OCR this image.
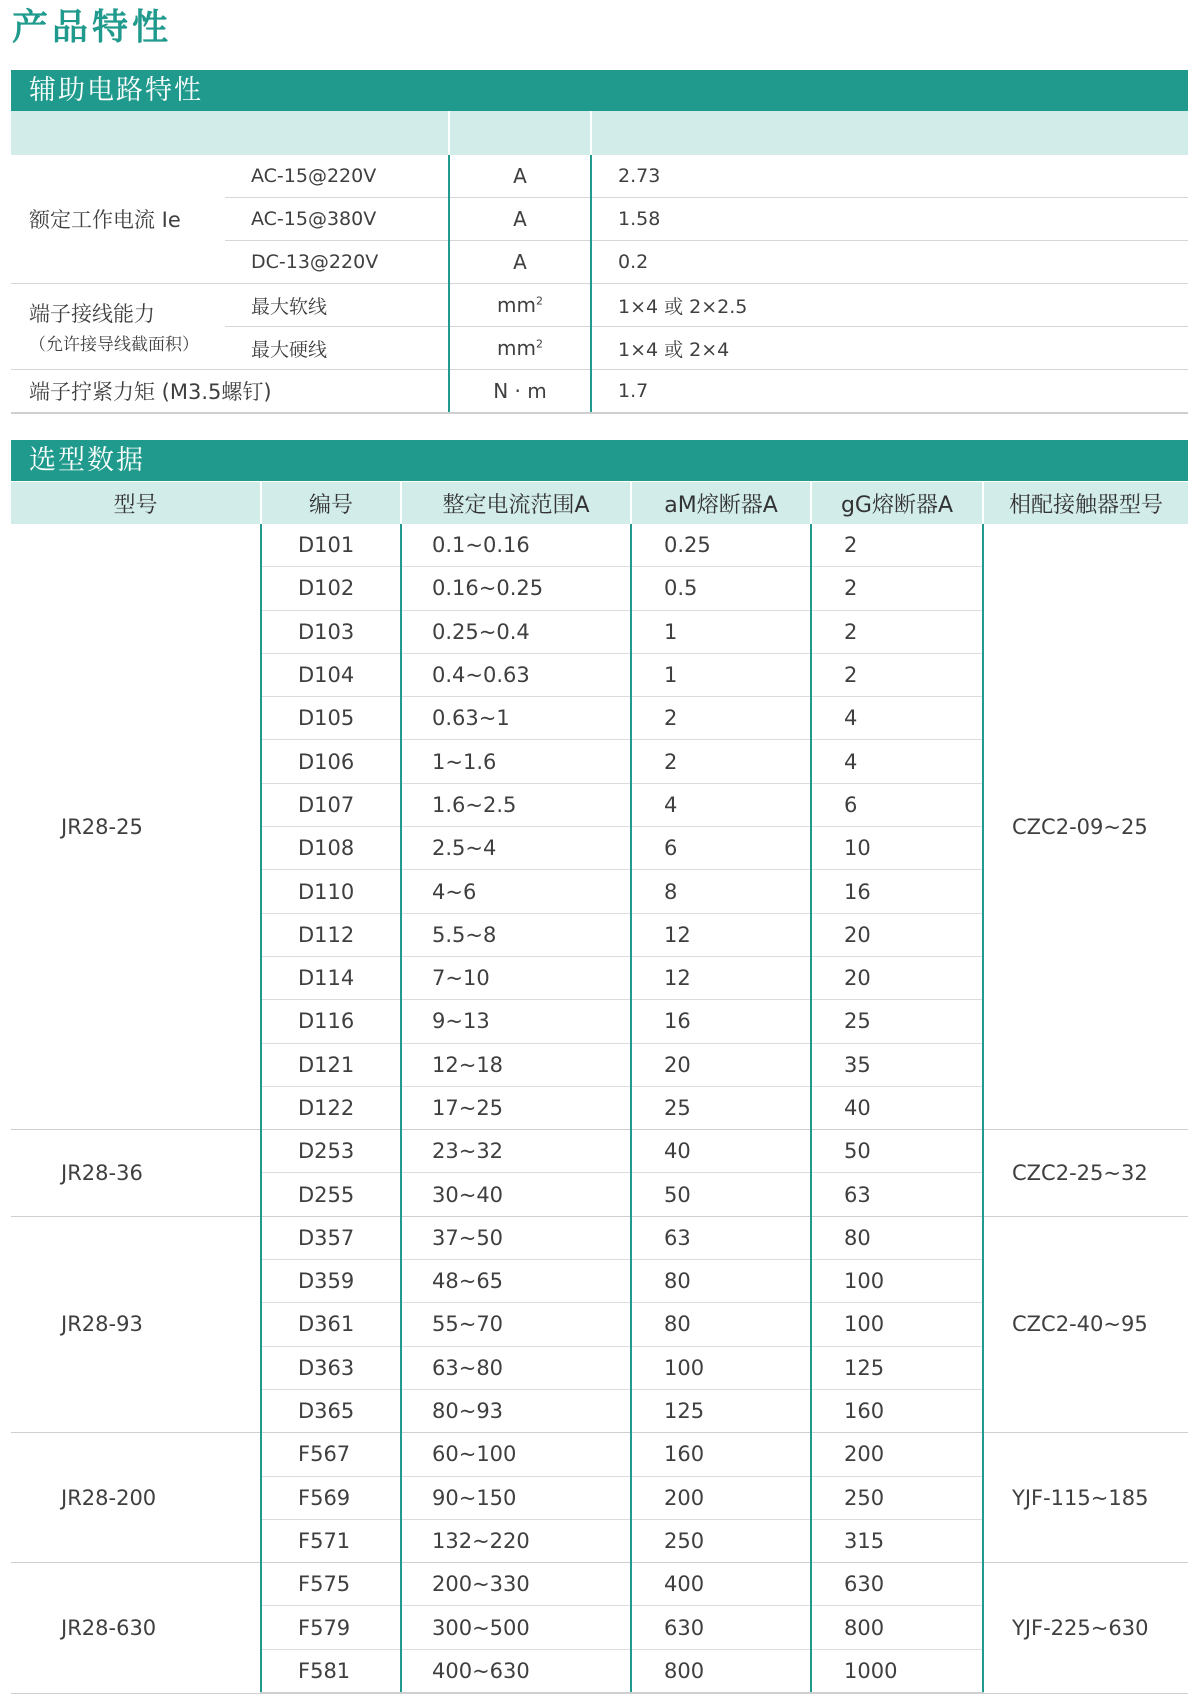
产品特性
辅助电路特性

额定工作电流 Ie	AC-15@220V	A	2.73
	AC-15@380V	A	1.58
	DC-13@220V	A	0.2
端子接线能力
（允许接导线截面积）	最大软线	$mm^2$	1×4 或 2×2.5
	最大硬线	$mm^2$	1×4 或 2×4
端子拧紧力矩 (M3.5螺钉)		N · m	1.7
选型数据
型号	编号	整定电流范围A	aM熔断器A	gG熔断器A	相配接触器型号
JR28-25	D101	0.1~0.16	0.25	2	CZC2-09~25
	D102	0.16~0.25	0.5	2	
	D103	0.25~0.4	1	2	
	D104	0.4~0.63	1	2	
	D105	0.63~1	2	4	
	D106	1~1.6	2	4	
	D107	1.6~2.5	4	6	
	D108	2.5~4	6	10	
	D110	4~6	8	16	
	D112	5.5~8	12	20	
	D114	7~10	12	20	
	D116	9~13	16	25	
	D121	12~18	20	35	
	D122	17~25	25	40	
JR28-36	D253	23~32	40	50	CZC2-25~32
	D255	30~40	50	63	
JR28-93	D357	37~50	63	80	CZC2-40~95
	D359	48~65	80	100	
	D361	55~70	80	100	
	D363	63~80	100	125	
	D365	80~93	125	160	
JR28-200	F567	60~100	160	200	YJF-115~185
	F569	90~150	200	250	
	F571	132~220	250	315	
JR28-630	F575	200~330	400	630	YJF-225~630
	F579	300~500	630	800	
	F581	400~630	800	1000	
